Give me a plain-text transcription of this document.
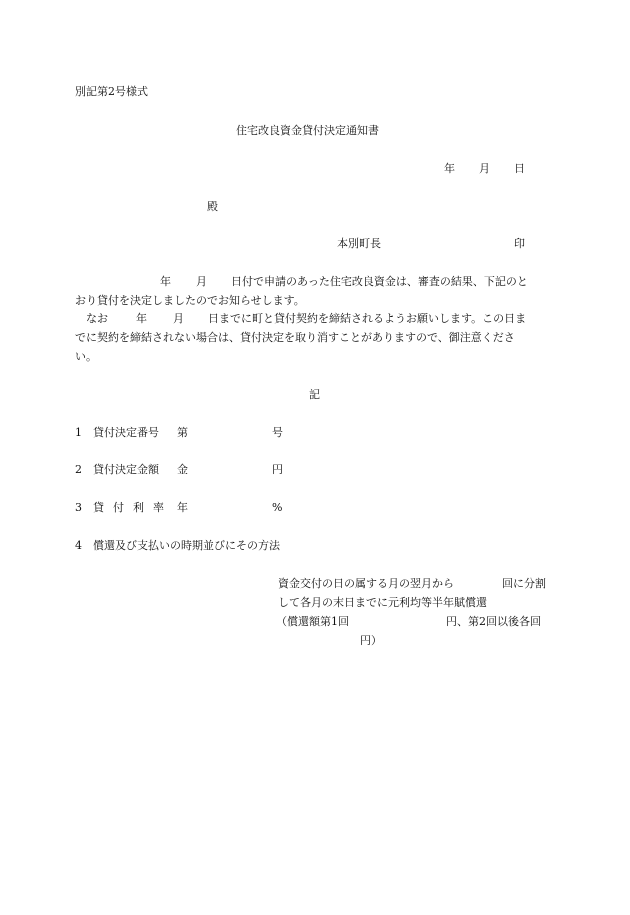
別記第2号様式
住宅改良資金貸付決定通知書
年 月 日
殿
本別町長	印
年 月 日付で申請のあった住宅改良資金は、審査の結果、下記のと
おり貸付を決定しましたのでお知らせします。
なお	年 月 日までに町と貸付契約を締結されるようお願いします。この日ま
でに契約を締結されない場合は、貸付決定を取り消すことがありますので、御注意くださ
い。
記
1 貸付決定番号 第	号
2 貸付決定金額 金	円
3 貸　付　利　率 年	%
4 償還及び支払いの時期並びにその方法
資金交付の日の属する月の翌月から	回に分割
して各月の末日までに元利均等半年賦償還
（償還額第1回	円、第2回以後各回
円）
